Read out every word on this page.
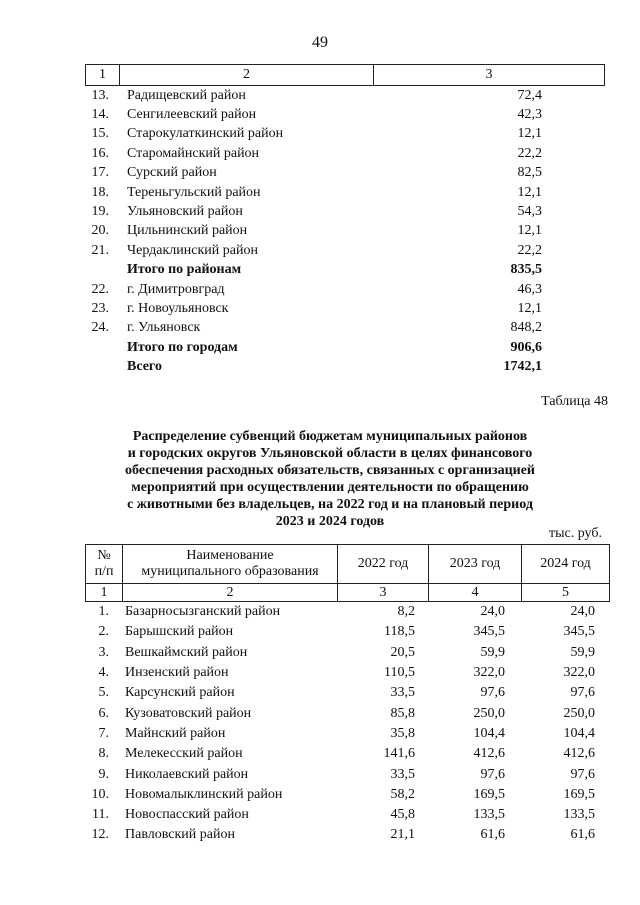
49
1	2	3
13.	Радищевский район	72,4
14.	Сенгилеевский район	42,3
15.	Старокулаткинский район	12,1
16.	Старомайнский район	22,2
17.	Сурский район	82,5
18.	Тереньгульский район	12,1
19.	Ульяновский район	54,3
20.	Цильнинский район	12,1
21.	Чердаклинский район	22,2
Итого по районам	835,5
22.	г. Димитровград	46,3
23.	г. Новоульяновск	12,1
24.	г. Ульяновск	848,2
Итого по городам	906,6
Всего	1742,1
Таблица 48
Распределение субвенций бюджетам муниципальных районов
и городских округов Ульяновской области в целях финансового
обеспечения расходных обязательств, связанных с организацией
мероприятий при осуществлении деятельности по обращению
с животными без владельцев, на 2022 год и на плановый период
2023 и 2024 годов
тыс. руб.
№
п/п
Наименование
муниципального образования
2022 год	2023 год	2024 год
1	2	3	4	5
1.	Базарносызганский район	8,2	24,0	24,0
2.	Барышский район	118,5	345,5	345,5
3.	Вешкаймский район	20,5	59,9	59,9
4.	Инзенский район	110,5	322,0	322,0
5.	Карсунский район	33,5	97,6	97,6
6.	Кузоватовский район	85,8	250,0	250,0
7.	Майнский район	35,8	104,4	104,4
8.	Мелекесский район	141,6	412,6	412,6
9.	Николаевский район	33,5	97,6	97,6
10.	Новомалыклинский район	58,2	169,5	169,5
11.	Новоспасский район	45,8	133,5	133,5
12.	Павловский район	21,1	61,6	61,6
